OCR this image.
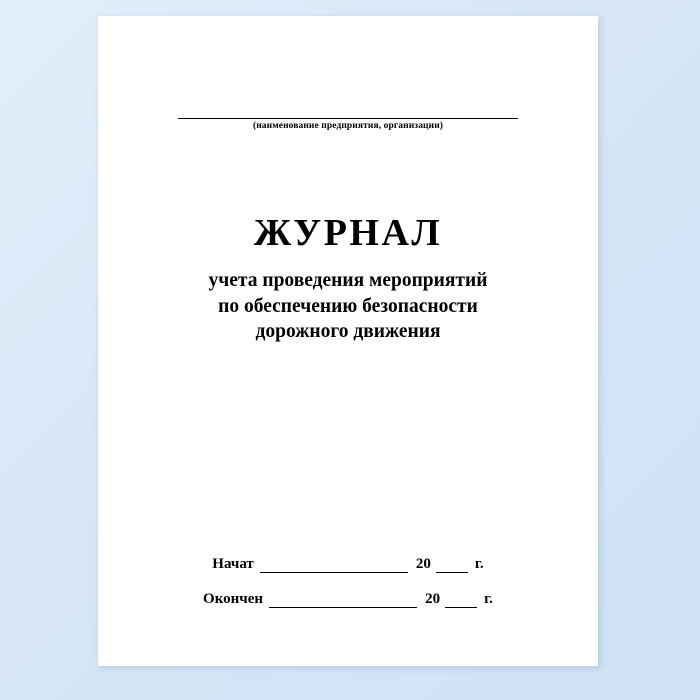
(наименование предприятия, организации)
ЖУРНАЛ
учета проведения мероприятий
по обеспечению безопасности
дорожного движения
Начат	20	г.
Окончен	20	г.
